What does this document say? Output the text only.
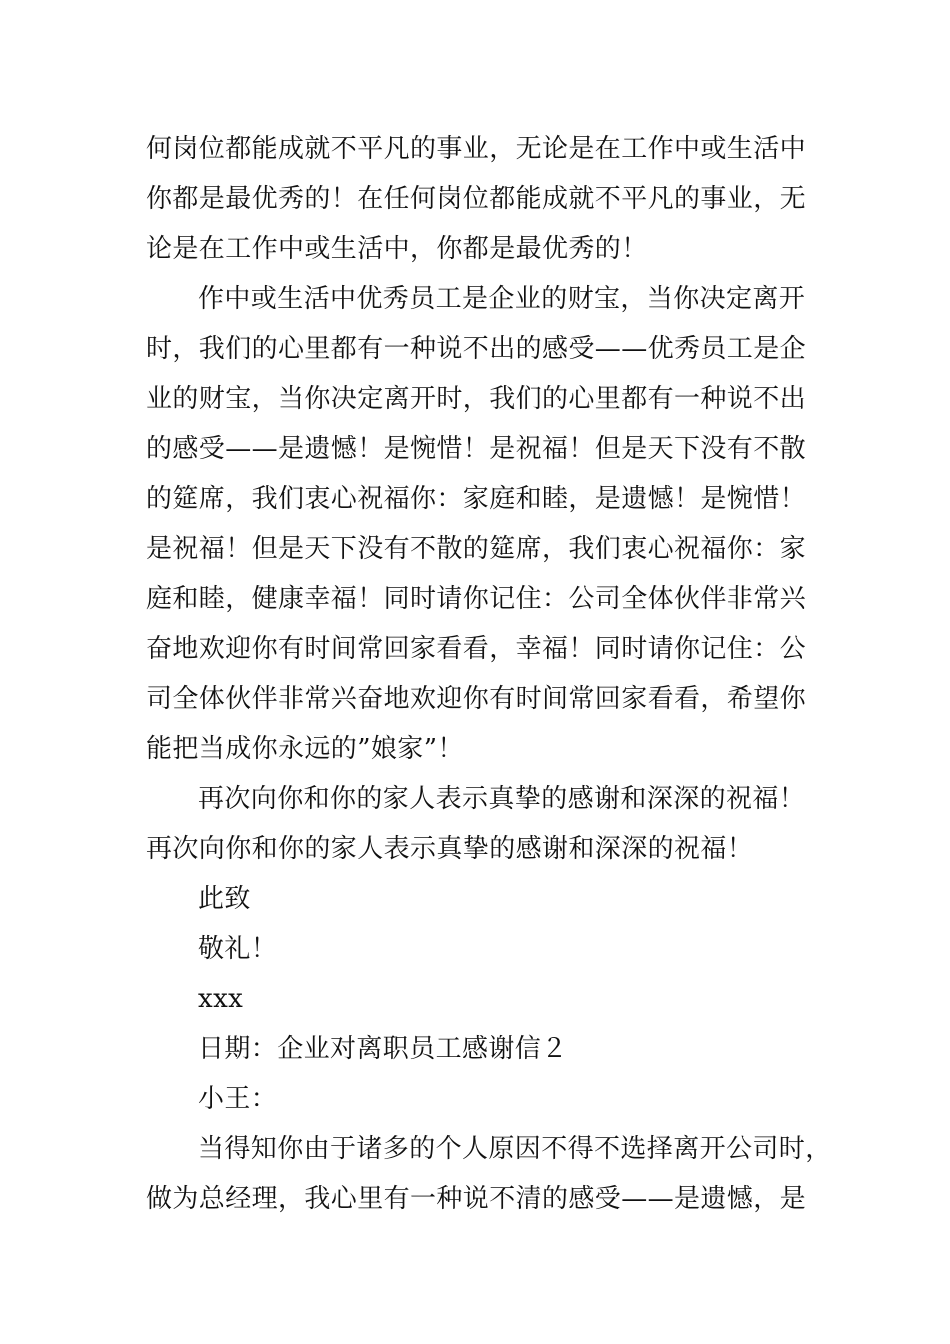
何岗位都能成就不平凡的事业，无论是在工作中或生活中
你都是最优秀的！在任何岗位都能成就不平凡的事业，无
论是在工作中或生活中，你都是最优秀的！
作中或生活中优秀员工是企业的财宝，当你决定离开
时，我们的心里都有一种说不出的感受——优秀员工是企
业的财宝，当你决定离开时，我们的心里都有一种说不出
的感受——是遗憾！是惋惜！是祝福！但是天下没有不散
的筵席，我们衷心祝福你：家庭和睦，是遗憾！是惋惜！
是祝福！但是天下没有不散的筵席，我们衷心祝福你：家
庭和睦，健康幸福！同时请你记住：公司全体伙伴非常兴
奋地欢迎你有时间常回家看看，幸福！同时请你记住：公
司全体伙伴非常兴奋地欢迎你有时间常回家看看，希望你
能把当成你永远的”娘家”！
再次向你和你的家人表示真挚的感谢和深深的祝福！
再次向你和你的家人表示真挚的感谢和深深的祝福！
此致
敬礼！
xxx
日期：企业对离职员工感谢信２
小王：
当得知你由于诸多的个人原因不得不选择离开公司时，
做为总经理，我心里有一种说不清的感受——是遗憾，是
